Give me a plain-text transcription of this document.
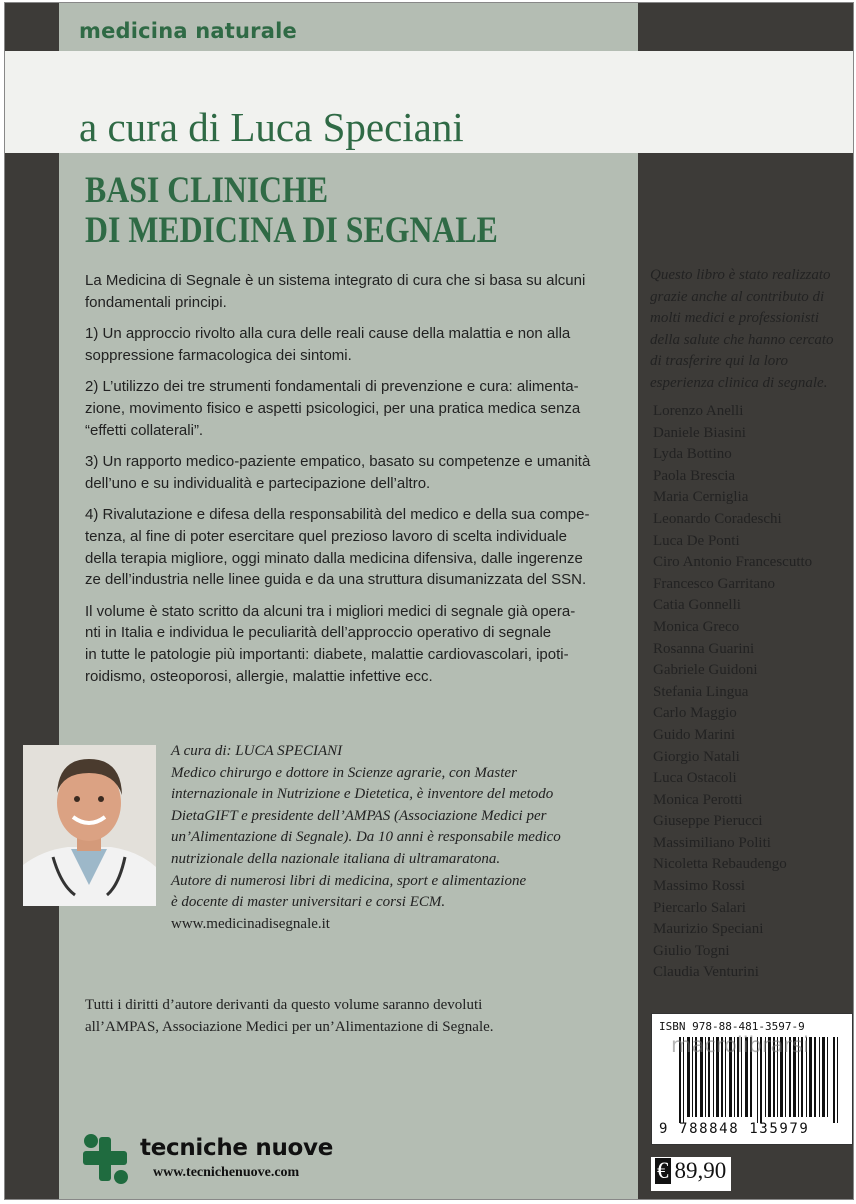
medicina naturale
a cura di Luca Speciani
BASI CLINICHE
DI MEDICINA DI SEGNALE

La Medicina di Segnale è un sistema integrato di cura che si basa su alcuni
fondamentali principi.

1) Un approccio rivolto alla cura delle reali cause della malattia e non alla
soppressione farmacologica dei sintomi.

2) L’utilizzo dei tre strumenti fondamentali di prevenzione e cura: alimenta-
zione, movimento fisico e aspetti psicologici, per una pratica medica senza
“effetti collaterali”.

3) Un rapporto medico-paziente empatico, basato su competenze e umanità
dell’uno e su individualità e partecipazione dell’altro.

4) Rivalutazione e difesa della responsabilità del medico e della sua compe-
tenza, al fine di poter esercitare quel prezioso lavoro di scelta individuale
della terapia migliore, oggi minato dalla medicina difensiva, dalle ingerenze
ze dell’industria nelle linee guida e da una struttura disumanizzata del SSN.

Il volume è stato scritto da alcuni tra i migliori medici di segnale già opera-
nti in Italia e individua le peculiarità dell’approccio operativo di segnale
in tutte le patologie più importanti: diabete, malattie cardiovascolari, ipoti-
roidismo, osteoporosi, allergie, malattie infettive ecc.

A cura di: LUCA SPECIANI
Medico chirurgo e dottore in Scienze agrarie, con Master
internazionale in Nutrizione e Dietetica, è inventore del metodo
DietaGIFT e presidente dell’AMPAS (Associazione Medici per
un’Alimentazione di Segnale). Da 10 anni è responsabile medico
nutrizionale della nazionale italiana di ultramaratona.
Autore di numerosi libri di medicina, sport e alimentazione
è docente di master universitari e corsi ECM.
www.medicinadisegnale.it
Tutti i diritti d’autore derivanti da questo volume saranno devoluti
all’AMPAS, Associazione Medici per un’Alimentazione di Segnale.
tecniche nuove
www.tecnichenuove.com
Questo libro è stato realizzato
grazie anche al contributo di
molti medici e professionisti
della salute che hanno cercato
di trasferire qui la loro
esperienza clinica di segnale.
Lorenzo Anelli
Daniele Biasini
Lyda Bottino
Paola Brescia
Maria Cerniglia
Leonardo Coradeschi
Luca De Ponti
Ciro Antonio Francescutto
Francesco Garritano
Catia Gonnelli
Monica Greco
Rosanna Guarini
Gabriele Guidoni
Stefania Lingua
Carlo Maggio
Guido Marini
Giorgio Natali
Luca Ostacoli
Monica Perotti
Giuseppe Pierucci
Massimiliano Politi
Nicoletta Rebaudengo
Massimo Rossi
Piercarlo Salari
Maurizio Speciani
Giulio Togni
Claudia Venturini
ISBN 978-88-481-3597-9
9 788848 135979
macrolibrarsi
€ 89,90
